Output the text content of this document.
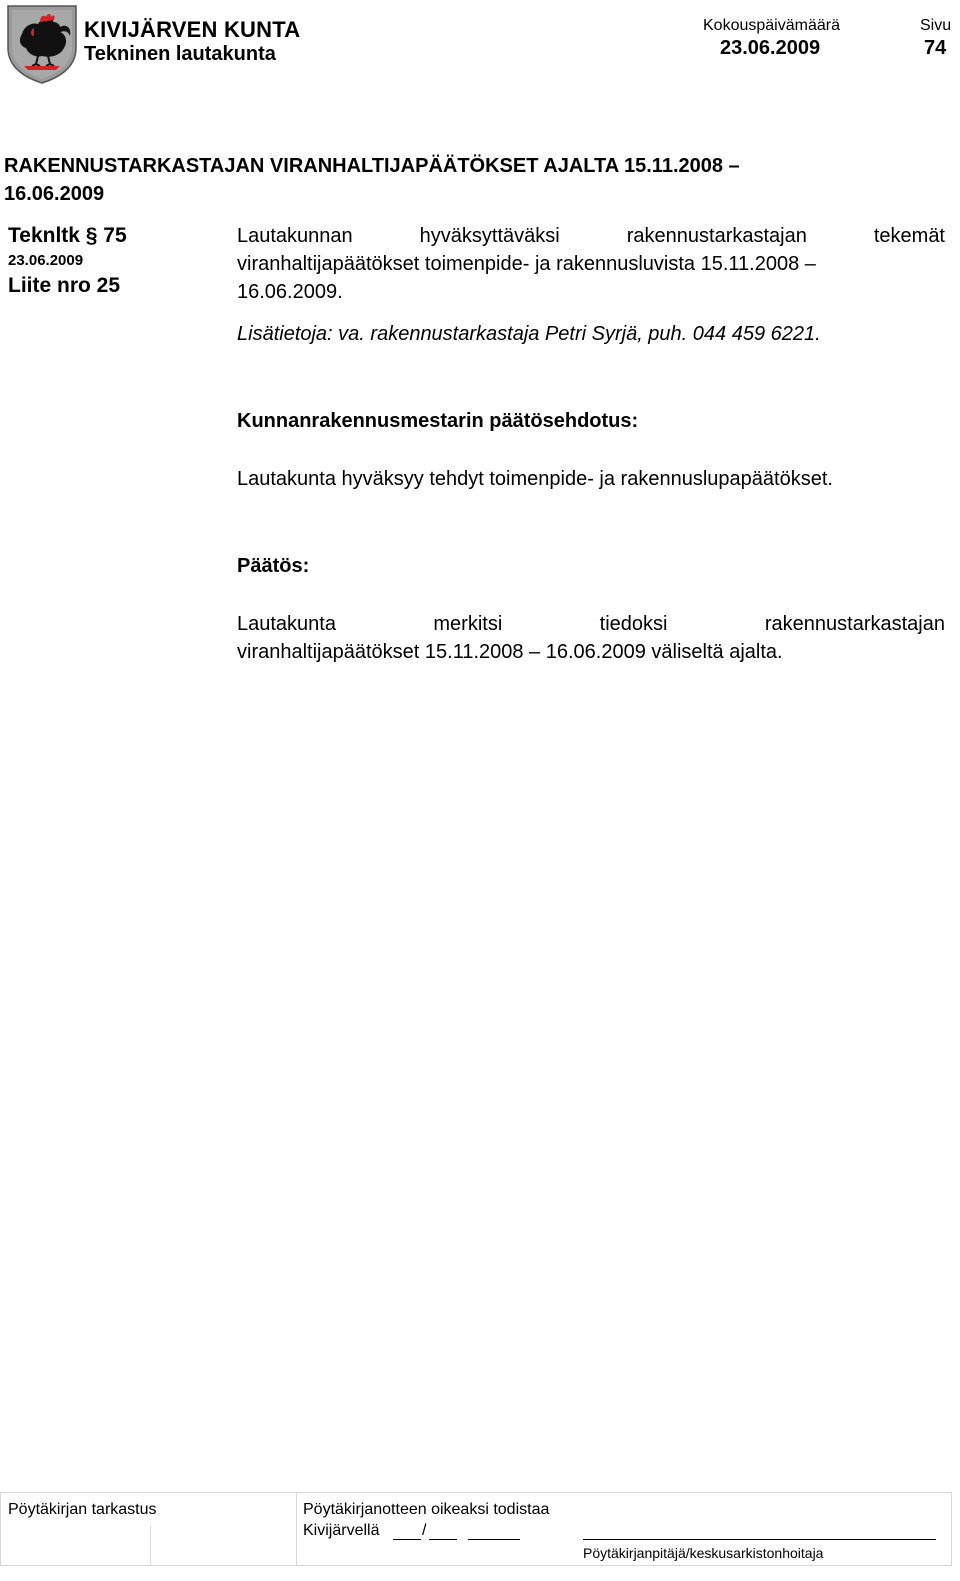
KIVIJÄRVEN KUNTA
Tekninen lautakunta
Kokouspäivämäärä
23.06.2009
Sivu
74
RAKENNUSTARKASTAJAN VIRANHALTIJAPÄÄTÖKSET AJALTA 15.11.2008 –
16.06.2009
Teknltk § 75
23.06.2009
Liite nro 25
Lautakunnan hyväksyttäväksi rakennustarkastajan tekemät viranhaltijapäätökset toimenpide- ja rakennusluvista 15.11.2008 –
16.06.2009.
Lisätietoja: va. rakennustarkastaja Petri Syrjä, puh. 044 459 6221.
Kunnanrakennusmestarin päätösehdotus:
Lautakunta hyväksyy tehdyt toimenpide- ja rakennuslupapäätökset.
Päätös:
Lautakunta merkitsi tiedoksi rakennustarkastajan
viranhaltijapäätökset 15.11.2008 – 16.06.2009 väliseltä ajalta.
Pöytäkirjan tarkastus	Pöytäkirjanotteen oikeaksi todistaa
Kivijärvellä	/
Pöytäkirjanpitäjä/keskusarkistonhoitaja
